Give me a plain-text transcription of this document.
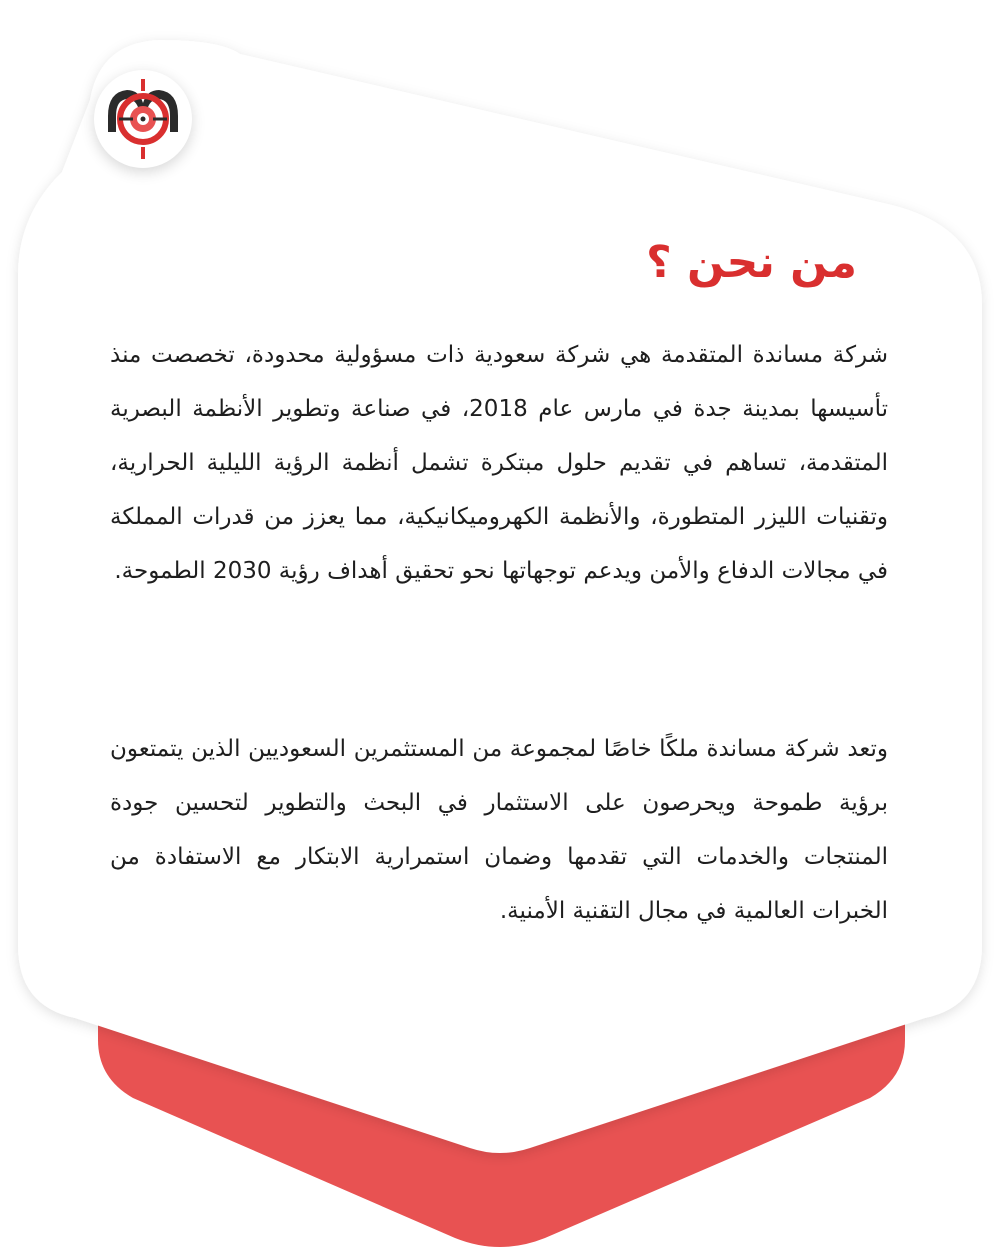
من نحن ؟

شركة مساندة المتقدمة هي شركة سعودية ذات مسؤولية محدودة، تخصصت منذ تأسيسها بمدينة جدة في مارس عام 2018، في صناعة وتطوير الأنظمة البصرية المتقدمة، تساهم في تقديم حلول مبتكرة تشمل أنظمة الرؤية الليلية الحرارية، وتقنيات الليزر المتطورة، والأنظمة الكهروميكانيكية، مما يعزز من قدرات المملكة في مجالات الدفاع والأمن ويدعم توجهاتها نحو تحقيق أهداف رؤية 2030 الطموحة.

وتعد شركة مساندة ملكًا خاصًا لمجموعة من المستثمرين السعوديين الذين يتمتعون برؤية طموحة ويحرصون على الاستثمار في البحث والتطوير لتحسين جودة المنتجات والخدمات التي تقدمها وضمان استمرارية الابتكار مع الاستفادة من الخبرات العالمية في مجال التقنية الأمنية.
